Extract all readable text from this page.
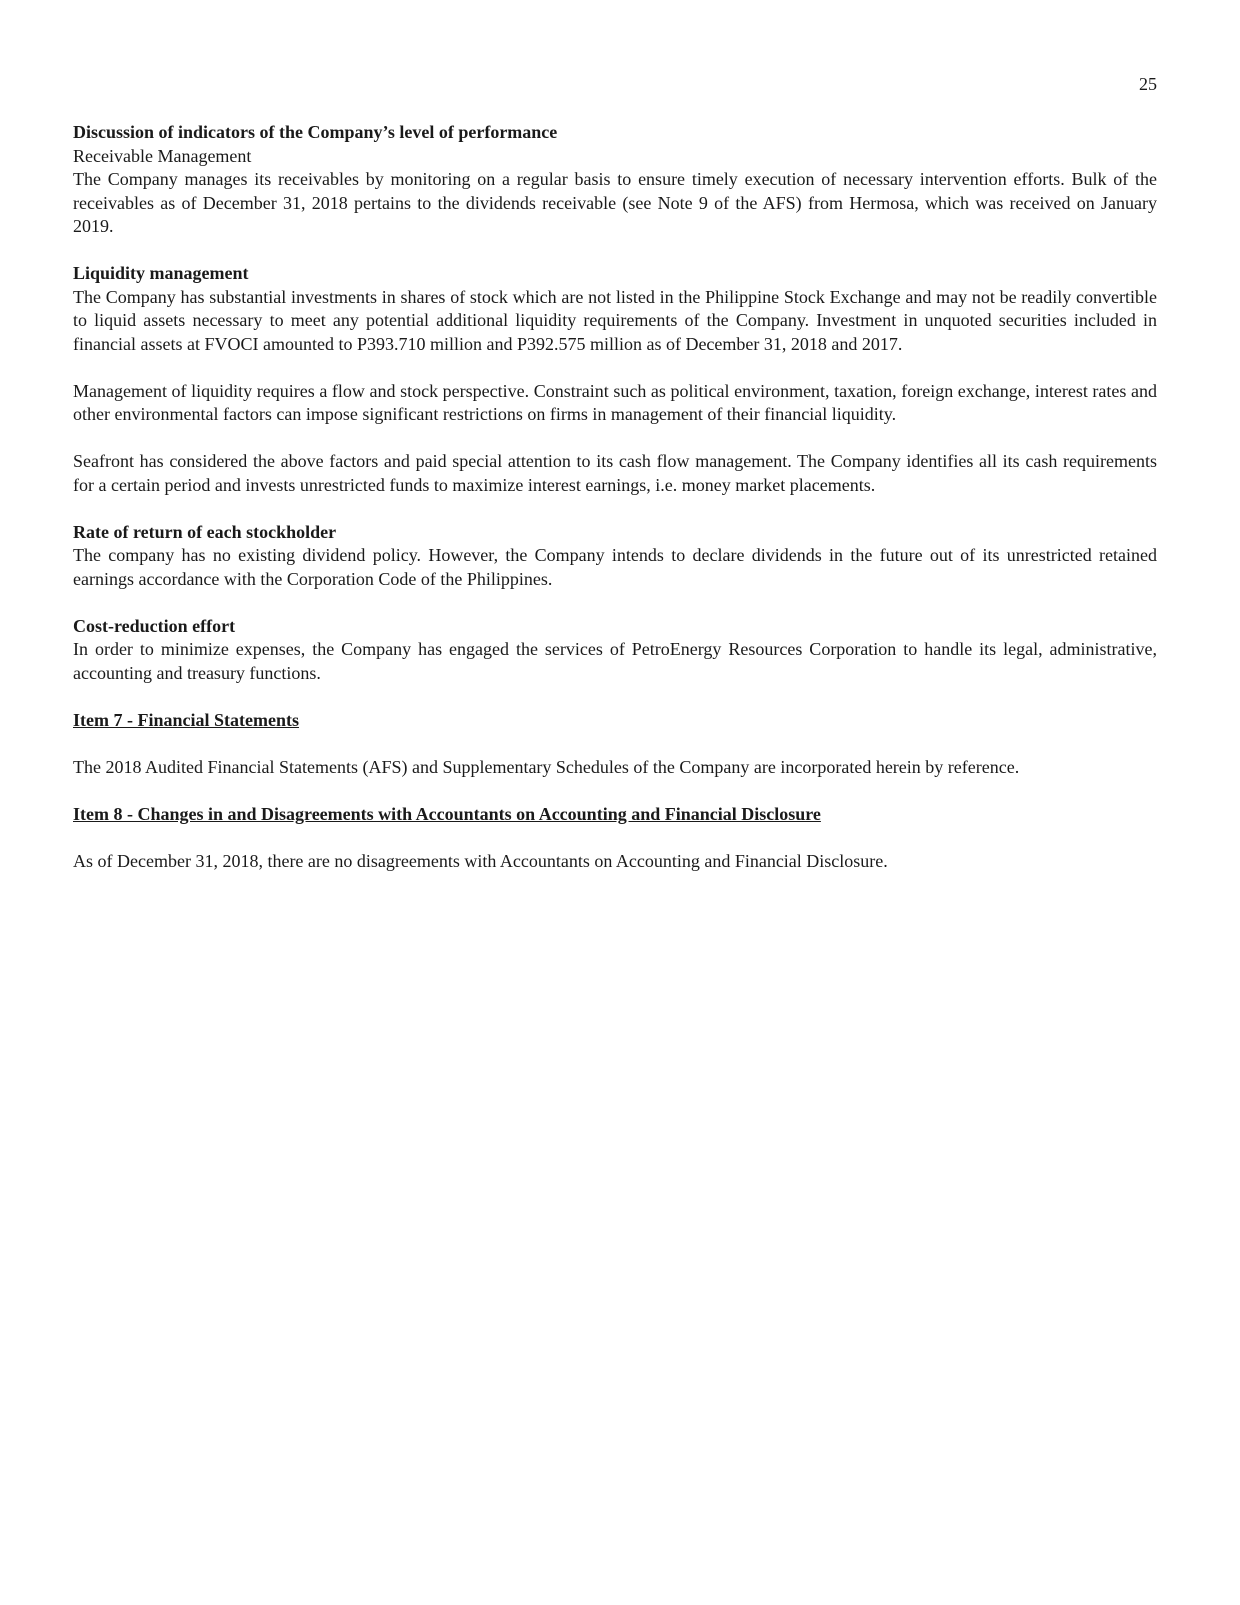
25
Discussion of indicators of the Company’s level of performance
Receivable Management

The Company manages its receivables by monitoring on a regular basis to ensure timely execution of necessary intervention efforts. Bulk of the receivables as of December 31, 2018 pertains to the dividends receivable (see Note 9 of the AFS) from Hermosa, which was received on January 2019.

Liquidity management

The Company has substantial investments in shares of stock which are not listed in the Philippine Stock Exchange and may not be readily convertible to liquid assets necessary to meet any potential additional liquidity requirements of the Company. Investment in unquoted securities included in financial assets at FVOCI amounted to P393.710 million and P392.575 million as of December 31, 2018 and 2017.

Management of liquidity requires a flow and stock perspective. Constraint such as political environment, taxation, foreign exchange, interest rates and other environmental factors can impose significant restrictions on firms in management of their financial liquidity.

Seafront has considered the above factors and paid special attention to its cash flow management. The Company identifies all its cash requirements for a certain period and invests unrestricted funds to maximize interest earnings, i.e. money market placements.

Rate of return of each stockholder

The company has no existing dividend policy. However, the Company intends to declare dividends in the future out of its unrestricted retained earnings accordance with the Corporation Code of the Philippines.

Cost-reduction effort

In order to minimize expenses, the Company has engaged the services of PetroEnergy Resources Corporation to handle its legal, administrative, accounting and treasury functions.

Item 7 - Financial Statements

The 2018 Audited Financial Statements (AFS) and Supplementary Schedules of the Company are incorporated herein by reference.

Item 8 - Changes in and Disagreements with Accountants on Accounting and Financial Disclosure

As of December 31, 2018, there are no disagreements with Accountants on Accounting and Financial Disclosure.
